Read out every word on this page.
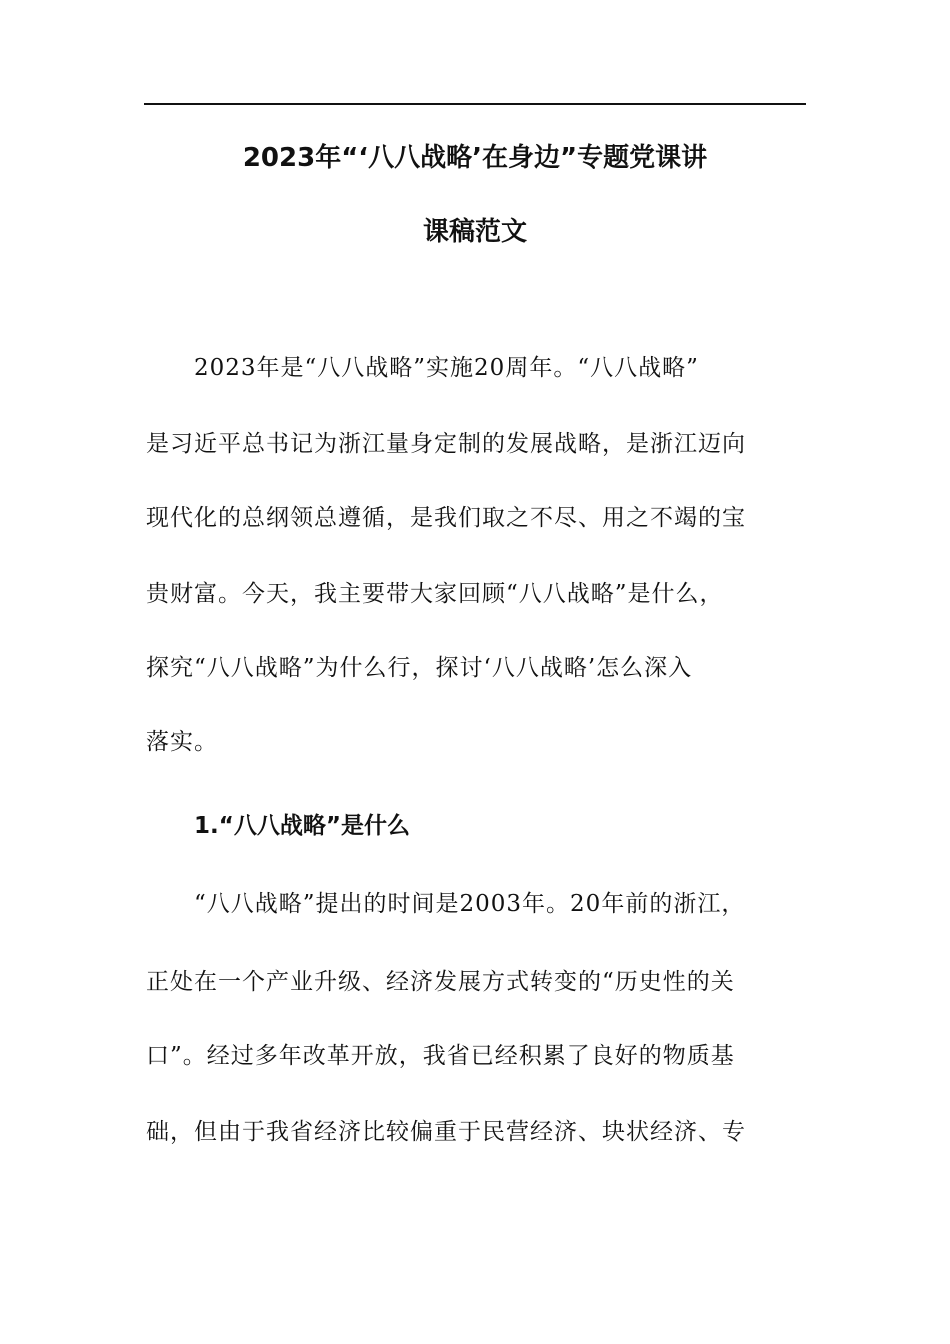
2023年“‘八八战略’在身边”专题党课讲
课稿范文
2023年是“八八战略”实施20周年。“八八战略”
是习近平总书记为浙江量身定制的发展战略，是浙江迈向
现代化的总纲领总遵循，是我们取之不尽、用之不竭的宝
贵财富。今天，我主要带大家回顾“八八战略”是什么，
探究“八八战略”为什么行，探讨‘八八战略’怎么深入
落实。
1.“八八战略”是什么
“八八战略”提出的时间是2003年。20年前的浙江，
正处在一个产业升级、经济发展方式转变的“历史性的关
口”。经过多年改革开放，我省已经积累了良好的物质基
础，但由于我省经济比较偏重于民营经济、块状经济、专
